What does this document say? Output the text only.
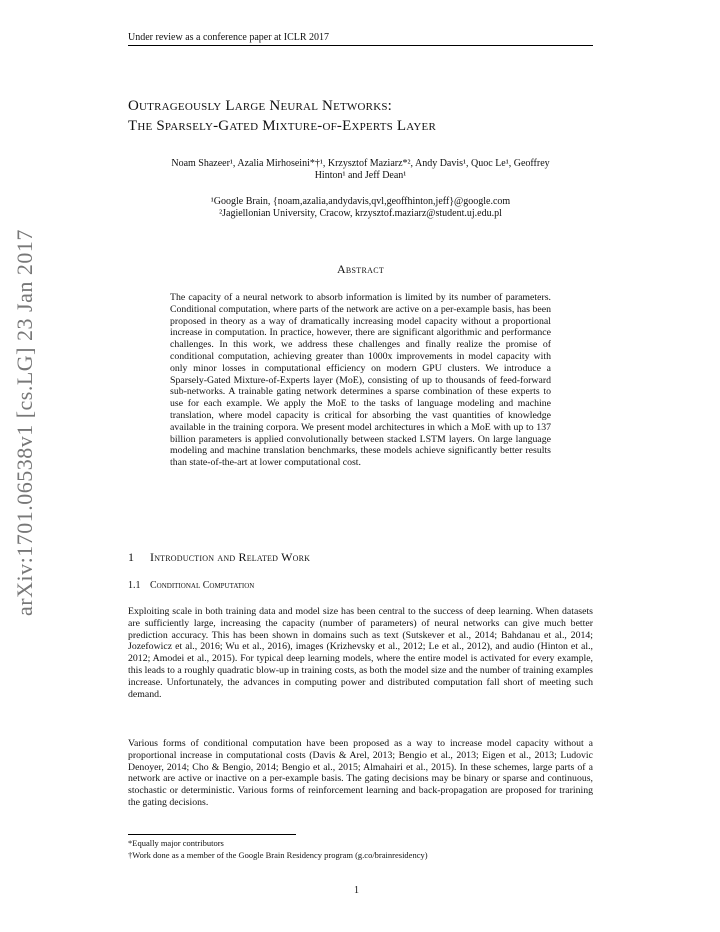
Under review as a conference paper at ICLR 2017
Outrageously Large Neural Networks:
The Sparsely-Gated Mixture-of-Experts Layer
Noam Shazeer¹, Azalia Mirhoseini*†¹, Krzysztof Maziarz*², Andy Davis¹, Quoc Le¹, Geoffrey
Hinton¹ and Jeff Dean¹
¹Google Brain, {noam,azalia,andydavis,qvl,geoffhinton,jeff}@google.com
²Jagiellonian University, Cracow, krzysztof.maziarz@student.uj.edu.pl
Abstract
The capacity of a neural network to absorb information is limited by its number of parameters. Conditional computation, where parts of the network are active on a per-example basis, has been proposed in theory as a way of dramatically increasing model capacity without a proportional increase in computation. In practice, however, there are significant algorithmic and performance challenges. In this work, we address these challenges and finally realize the promise of conditional computation, achieving greater than 1000x improvements in model capacity with only minor losses in computational efficiency on modern GPU clusters. We introduce a Sparsely-Gated Mixture-of-Experts layer (MoE), consisting of up to thousands of feed-forward sub-networks. A trainable gating network determines a sparse combination of these experts to use for each example. We apply the MoE to the tasks of language modeling and machine translation, where model capacity is critical for absorbing the vast quantities of knowledge available in the training corpora. We present model architectures in which a MoE with up to 137 billion parameters is applied convolutionally between stacked LSTM layers. On large language modeling and machine translation benchmarks, these models achieve significantly better results than state-of-the-art at lower computational cost.
1 Introduction and Related Work
1.1 Conditional Computation
Exploiting scale in both training data and model size has been central to the success of deep learning. When datasets are sufficiently large, increasing the capacity (number of parameters) of neural networks can give much better prediction accuracy. This has been shown in domains such as text (Sutskever et al., 2014; Bahdanau et al., 2014; Jozefowicz et al., 2016; Wu et al., 2016), images (Krizhevsky et al., 2012; Le et al., 2012), and audio (Hinton et al., 2012; Amodei et al., 2015). For typical deep learning models, where the entire model is activated for every example, this leads to a roughly quadratic blow-up in training costs, as both the model size and the number of training examples increase. Unfortunately, the advances in computing power and distributed computation fall short of meeting such demand.
Various forms of conditional computation have been proposed as a way to increase model capacity without a proportional increase in computational costs (Davis & Arel, 2013; Bengio et al., 2013; Eigen et al., 2013; Ludovic Denoyer, 2014; Cho & Bengio, 2014; Bengio et al., 2015; Almahairi et al., 2015). In these schemes, large parts of a network are active or inactive on a per-example basis. The gating decisions may be binary or sparse and continuous, stochastic or deterministic. Various forms of reinforcement learning and back-propagation are proposed for trarining the gating decisions.
*Equally major contributors
†Work done as a member of the Google Brain Residency program (g.co/brainresidency)
1
arXiv:1701.06538v1 [cs.LG] 23 Jan 2017
